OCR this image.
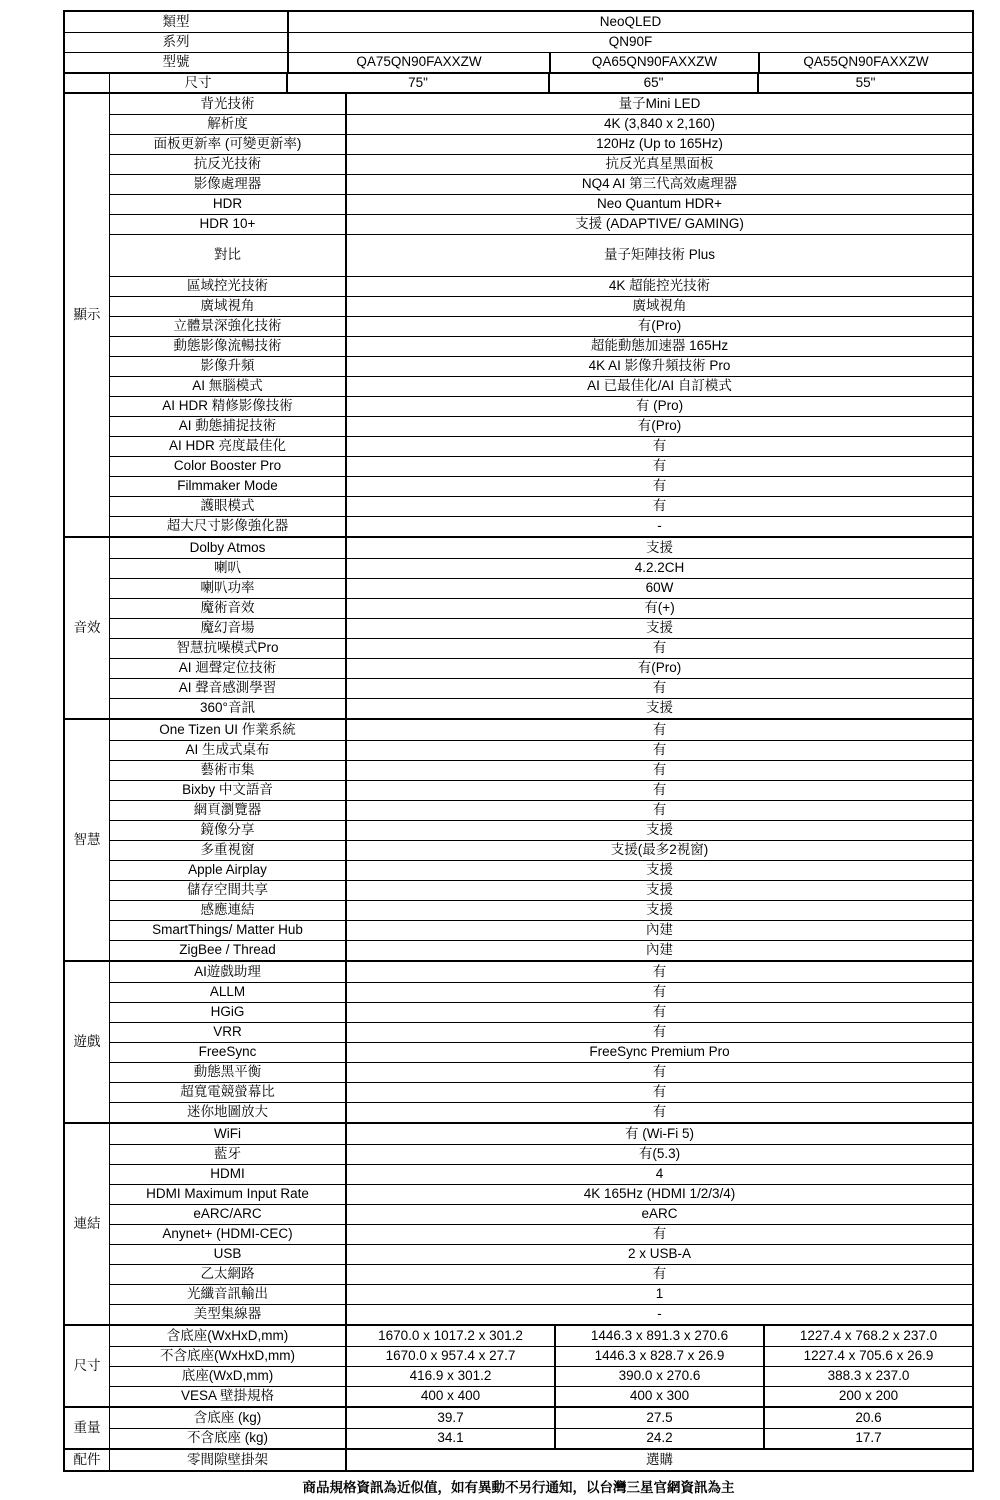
類型	NeoQLED
系列	QN90F
型號	QA75QN90FAXXZW	QA65QN90FAXXZW	QA55QN90FAXXZW
尺寸	75"	65"	55"
顯示
背光技術	量子Mini LED
解析度	4K (3,840 x 2,160)
面板更新率 (可變更新率)	120Hz (Up to 165Hz)
抗反光技術	抗反光真星黑面板
影像處理器	NQ4 AI 第三代高效處理器
HDR	Neo Quantum HDR+
HDR 10+	支援 (ADAPTIVE/ GAMING)
對比	量子矩陣技術 Plus
區域控光技術	4K 超能控光技術
廣域視角	廣域視角
立體景深強化技術	有(Pro)
動態影像流暢技術	超能動態加速器 165Hz
影像升頻	4K AI 影像升頻技術 Pro
AI 無腦模式	AI 已最佳化/AI 自訂模式
AI HDR 精修影像技術	有 (Pro)
AI 動態捕捉技術	有(Pro)
AI HDR 亮度最佳化	有
Color Booster Pro	有
Filmmaker Mode	有
護眼模式	有
超大尺寸影像強化器	-
音效
Dolby Atmos	支援
喇叭	4.2.2CH
喇叭功率	60W
魔術音效	有(+)
魔幻音場	支援
智慧抗噪模式Pro	有
AI 迴聲定位技術	有(Pro)
AI 聲音感測學習	有
360°音訊	支援
智慧
One Tizen UI 作業系統	有
AI 生成式桌布	有
藝術市集	有
Bixby 中文語音	有
網頁瀏覽器	有
鏡像分享	支援
多重視窗	支援(最多2視窗)
Apple Airplay	支援
儲存空間共享	支援
感應連結	支援
SmartThings/ Matter Hub	內建
ZigBee / Thread	內建
遊戲
AI遊戲助理	有
ALLM	有
HGiG	有
VRR	有
FreeSync	FreeSync Premium Pro
動態黑平衡	有
超寬電競螢幕比	有
迷你地圖放大	有
連結
WiFi	有 (Wi-Fi 5)
藍牙	有(5.3)
HDMI	4
HDMI Maximum Input Rate	4K 165Hz (HDMI 1/2/3/4)
eARC/ARC	eARC
Anynet+ (HDMI-CEC)	有
USB	2 x USB-A
乙太網路	有
光纖音訊輸出	1
美型集線器	-
尺寸
含底座(WxHxD,mm)	1670.0 x 1017.2 x 301.2	1446.3 x 891.3 x 270.6	1227.4 x 768.2 x 237.0
不含底座(WxHxD,mm)	1670.0 x 957.4 x 27.7	1446.3 x 828.7 x 26.9	1227.4 x 705.6 x 26.9
底座(WxD,mm)	416.9 x 301.2	390.0 x 270.6	388.3 x 237.0
VESA 壁掛規格	400 x 400	400 x 300	200 x 200
重量
含底座 (kg)	39.7	27.5	20.6
不含底座 (kg)	34.1	24.2	17.7
配件	零間隙壁掛架	選購
商品規格資訊為近似值，如有異動不另行通知，以台灣三星官網資訊為主
